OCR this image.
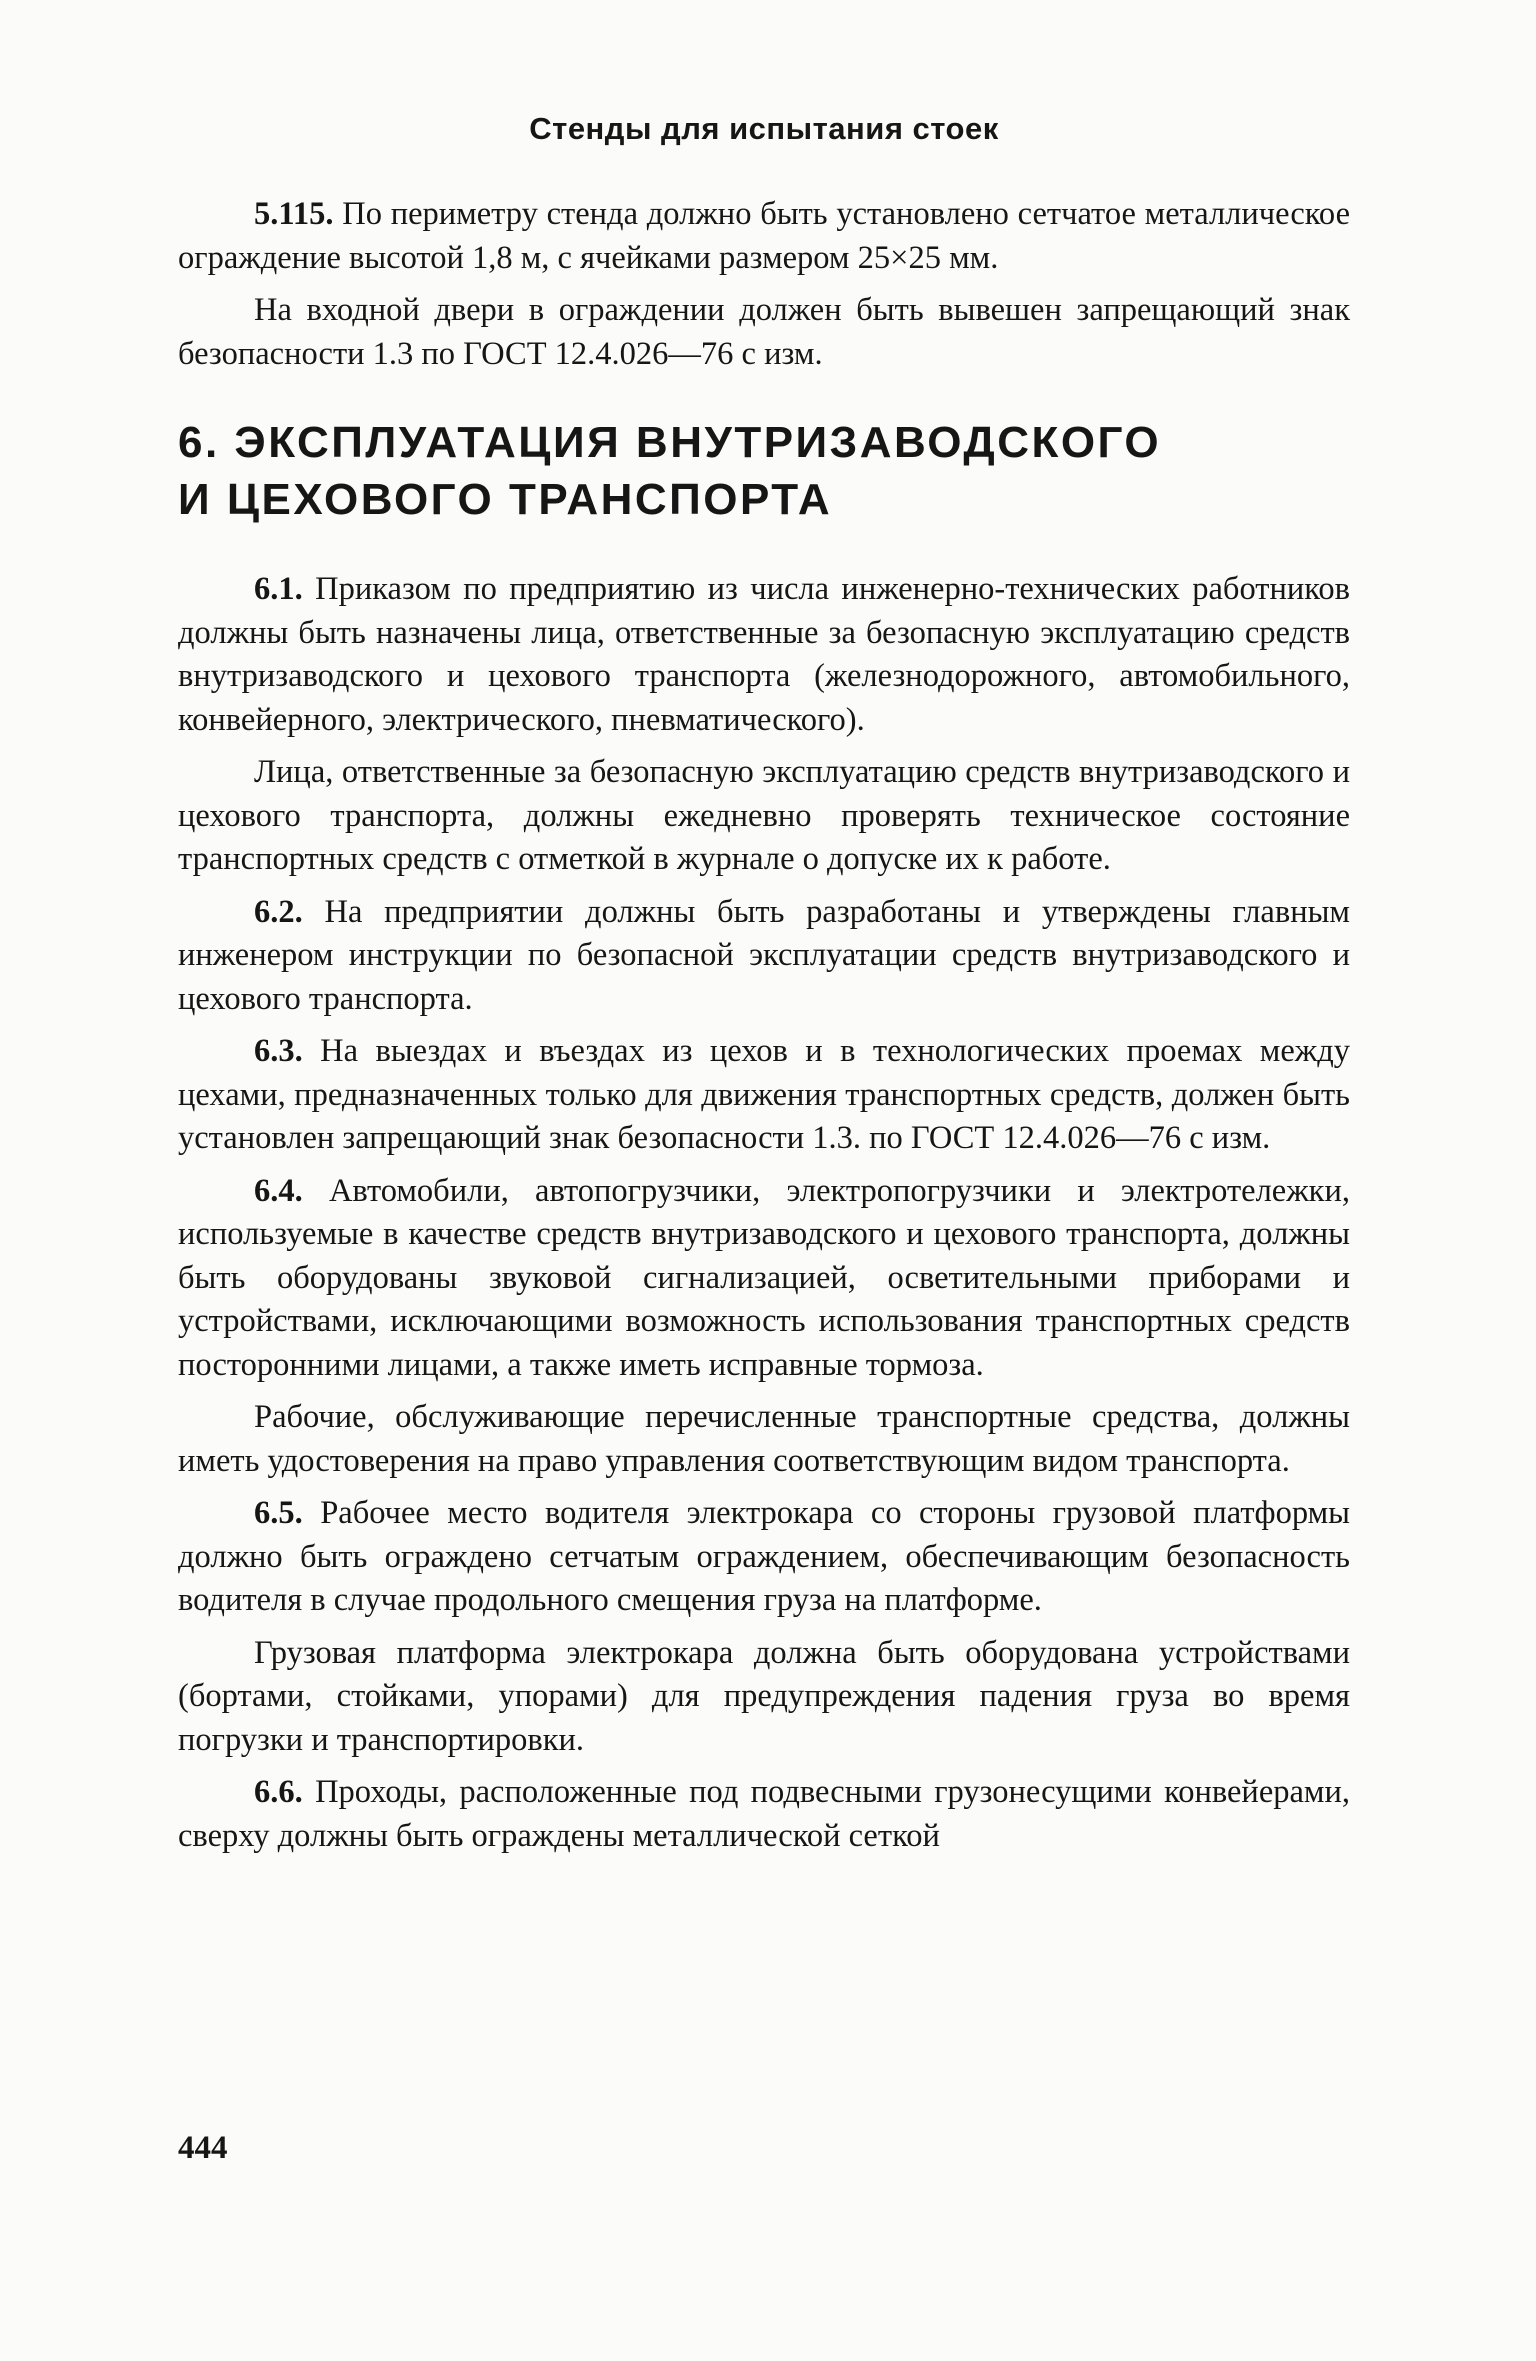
Стенды для испытания стоек

5.115. По периметру стенда должно быть установлено сетчатое металлическое ограждение высотой 1,8 м, с ячейками размером 25×25 мм.

На входной двери в ограждении должен быть вывешен запрещающий знак безопасности 1.3 по ГОСТ 12.4.026—76 с изм.

6. ЭКСПЛУАТАЦИЯ ВНУТРИЗАВОДСКОГО
И ЦЕХОВОГО ТРАНСПОРТА

6.1. Приказом по предприятию из числа инженерно-технических работников должны быть назначены лица, ответственные за безопасную эксплуатацию средств внутризаводского и цехового транспорта (железнодорожного, автомобильного, конвейерного, электрического, пневматического).

Лица, ответственные за безопасную эксплуатацию средств внутризаводского и цехового транспорта, должны ежедневно проверять техническое состояние транспортных средств с отметкой в журнале о допуске их к работе.

6.2. На предприятии должны быть разработаны и утверждены главным инженером инструкции по безопасной эксплуатации средств внутризаводского и цехового транспорта.

6.3. На выездах и въездах из цехов и в технологических проемах между цехами, предназначенных только для движения транспортных средств, должен быть установлен запрещающий знак безопасности 1.3. по ГОСТ 12.4.026—76 с изм.

6.4. Автомобили, автопогрузчики, электропогрузчики и электротележки, используемые в качестве средств внутризаводского и цехового транспорта, должны быть оборудованы звуковой сигнализацией, осветительными приборами и устройствами, исключающими возможность использования транспортных средств посторонними лицами, а также иметь исправные тормоза.

Рабочие, обслуживающие перечисленные транспортные средства, должны иметь удостоверения на право управления соответствующим видом транспорта.

6.5. Рабочее место водителя электрокара со стороны грузовой платформы должно быть ограждено сетчатым ограждением, обеспечивающим безопасность водителя в случае продольного смещения груза на платформе.

Грузовая платформа электрокара должна быть оборудована устройствами (бортами, стойками, упорами) для предупреждения падения груза во время погрузки и транспортировки.

6.6. Проходы, расположенные под подвесными грузонесущими конвейерами, сверху должны быть ограждены металлической сеткой

444
